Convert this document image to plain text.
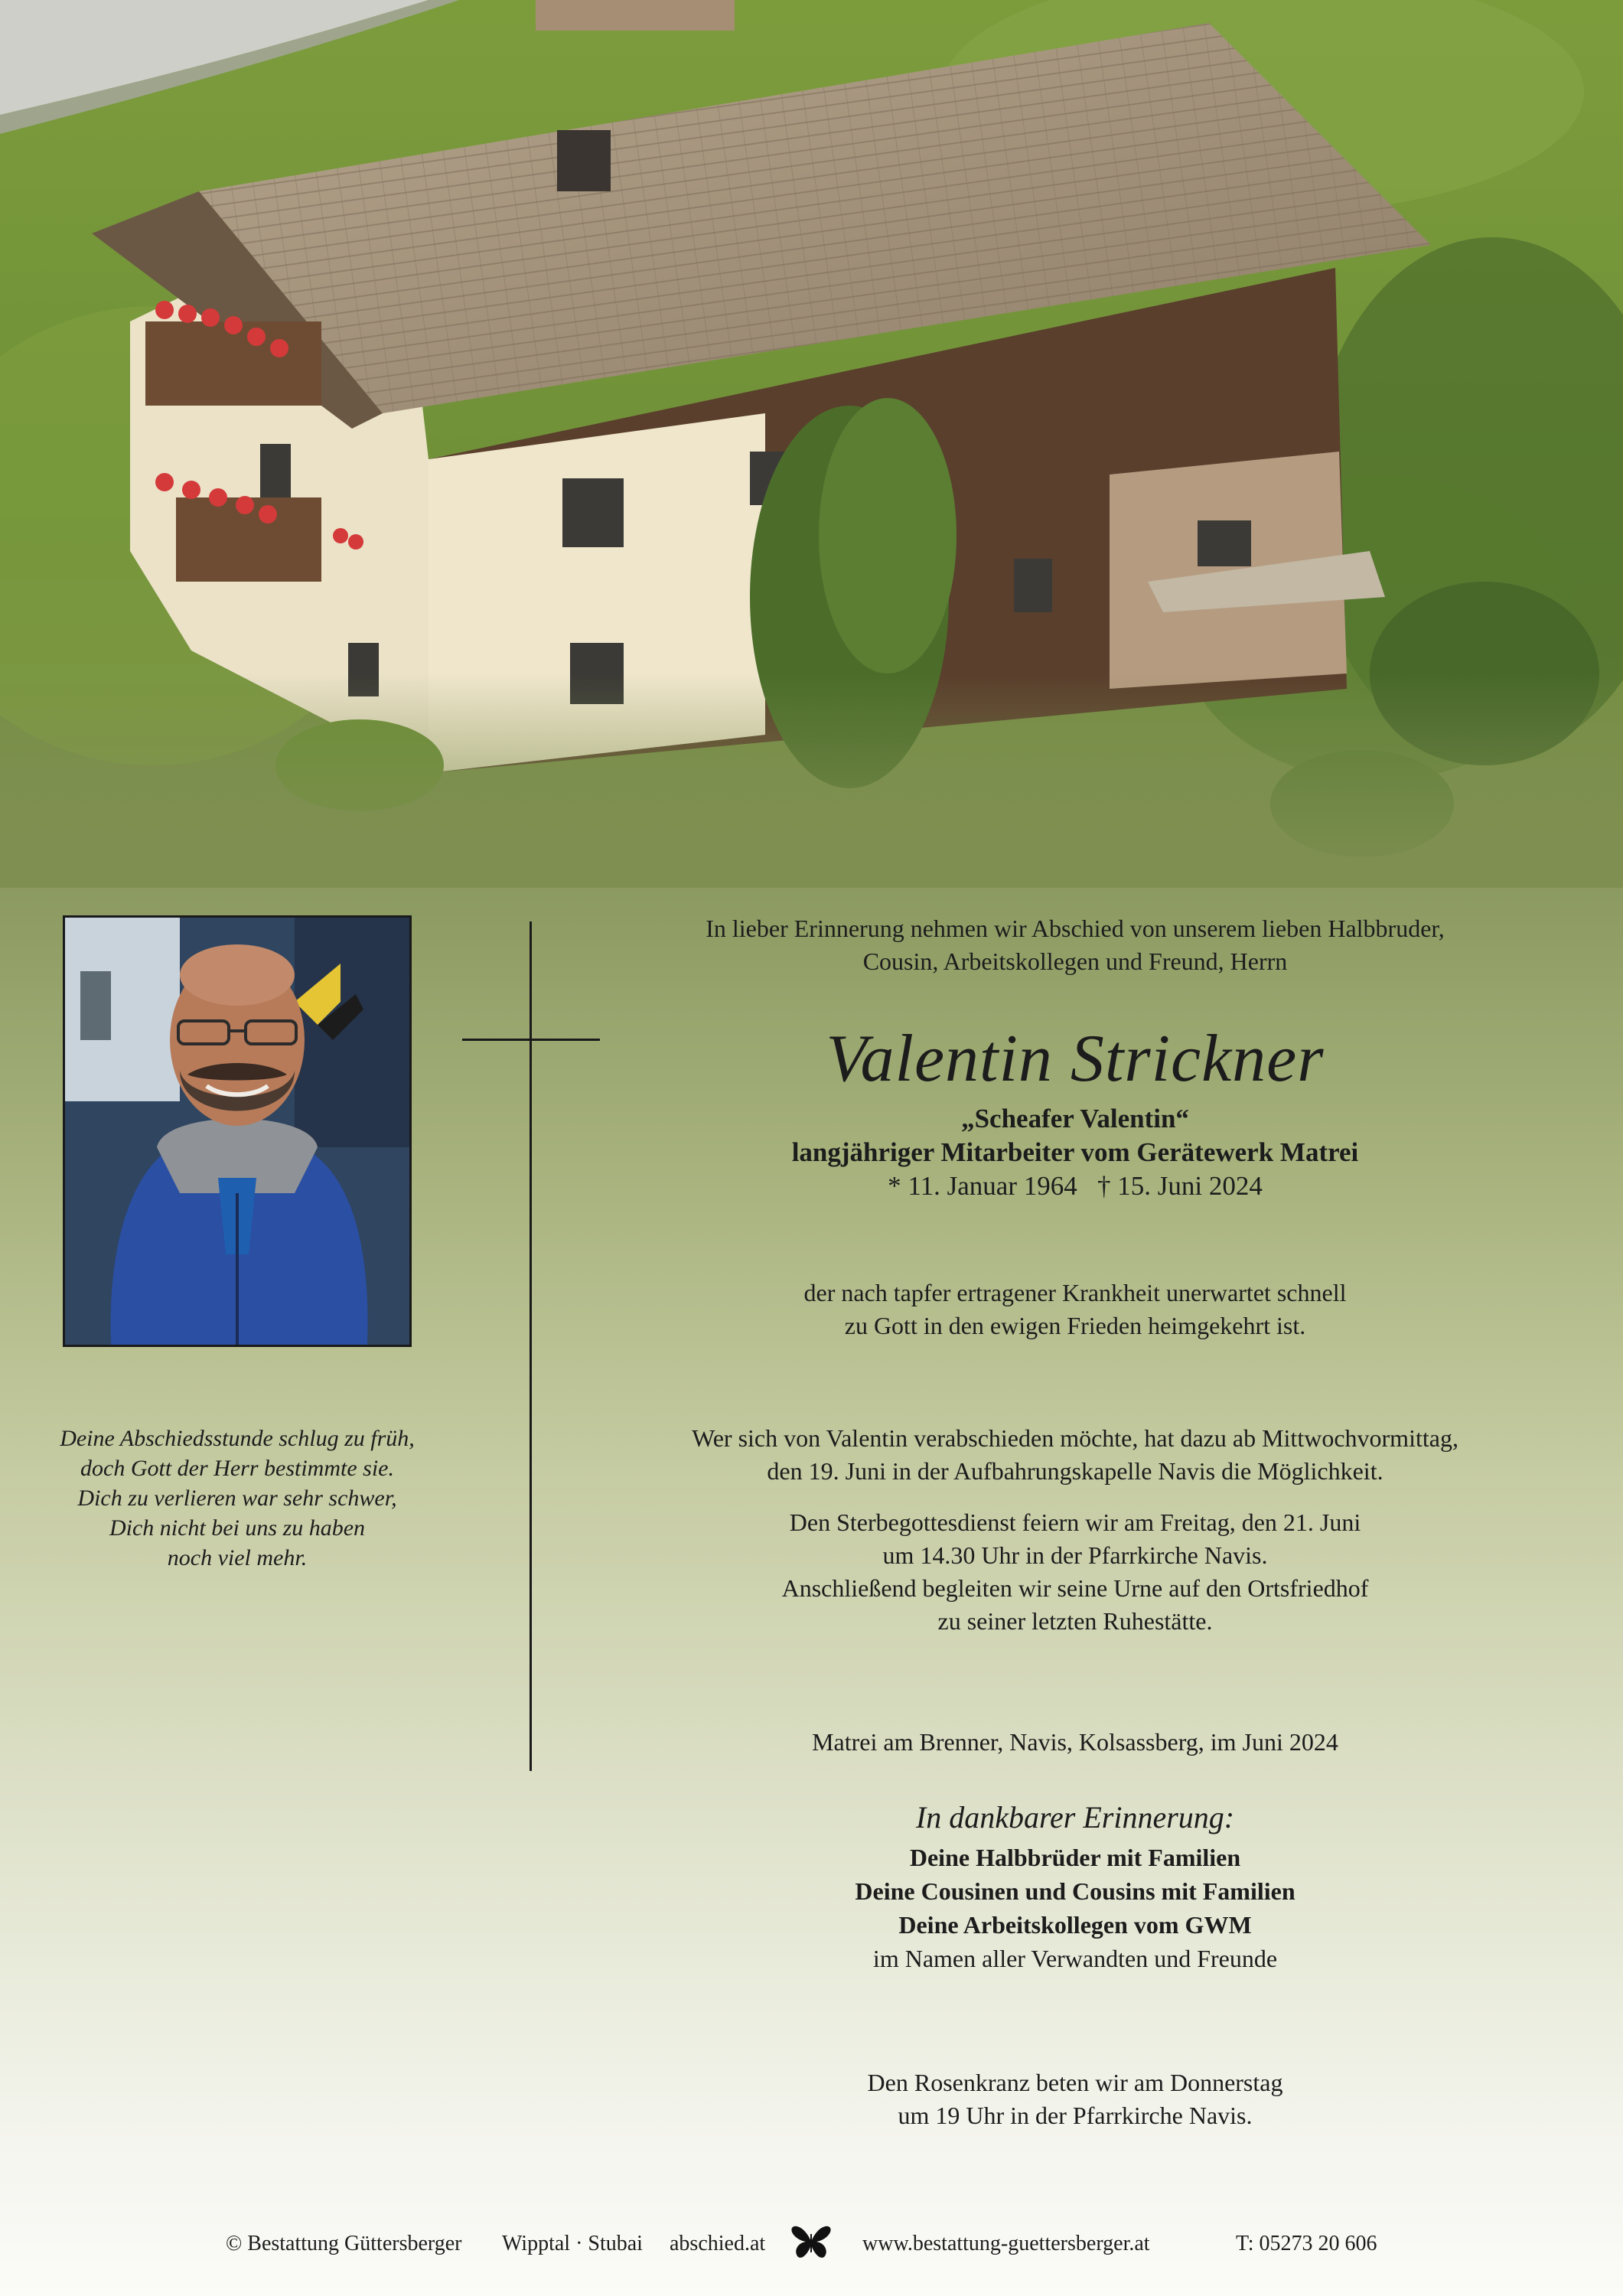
Deine Abschiedsstunde schlug zu früh,
doch Gott der Herr bestimmte sie.
Dich zu verlieren war sehr schwer,
Dich nicht bei uns zu haben
noch viel mehr.
In lieber Erinnerung nehmen wir Abschied von unserem lieben Halbbruder,
Cousin, Arbeitskollegen und Freund, Herrn
Valentin Strickner
„Scheafer Valentin“
langjähriger Mitarbeiter vom Gerätewerk Matrei
* 11. Januar 1964   † 15. Juni 2024
der nach tapfer ertragener Krankheit unerwartet schnell
zu Gott in den ewigen Frieden heimgekehrt ist.
Wer sich von Valentin verabschieden möchte, hat dazu ab Mittwochvormittag,
den 19. Juni in der Aufbahrungskapelle Navis die Möglichkeit.
Den Sterbegottesdienst feiern wir am Freitag, den 21. Juni
um 14.30 Uhr in der Pfarrkirche Navis.
Anschließend begleiten wir seine Urne auf den Ortsfriedhof
zu seiner letzten Ruhestätte.
Matrei am Brenner, Navis, Kolsassberg, im Juni 2024
In dankbarer Erinnerung:
Deine Halbbrüder mit Familien
Deine Cousinen und Cousins mit Familien
Deine Arbeitskollegen vom GWM
im Namen aller Verwandten und Freunde
Den Rosenkranz beten wir am Donnerstag
um 19 Uhr in der Pfarrkirche Navis.
© Bestattung Güttersberger Wipptal · Stubai abschied.at	www.bestattung-guettersberger.at	T: 05273 20 606
